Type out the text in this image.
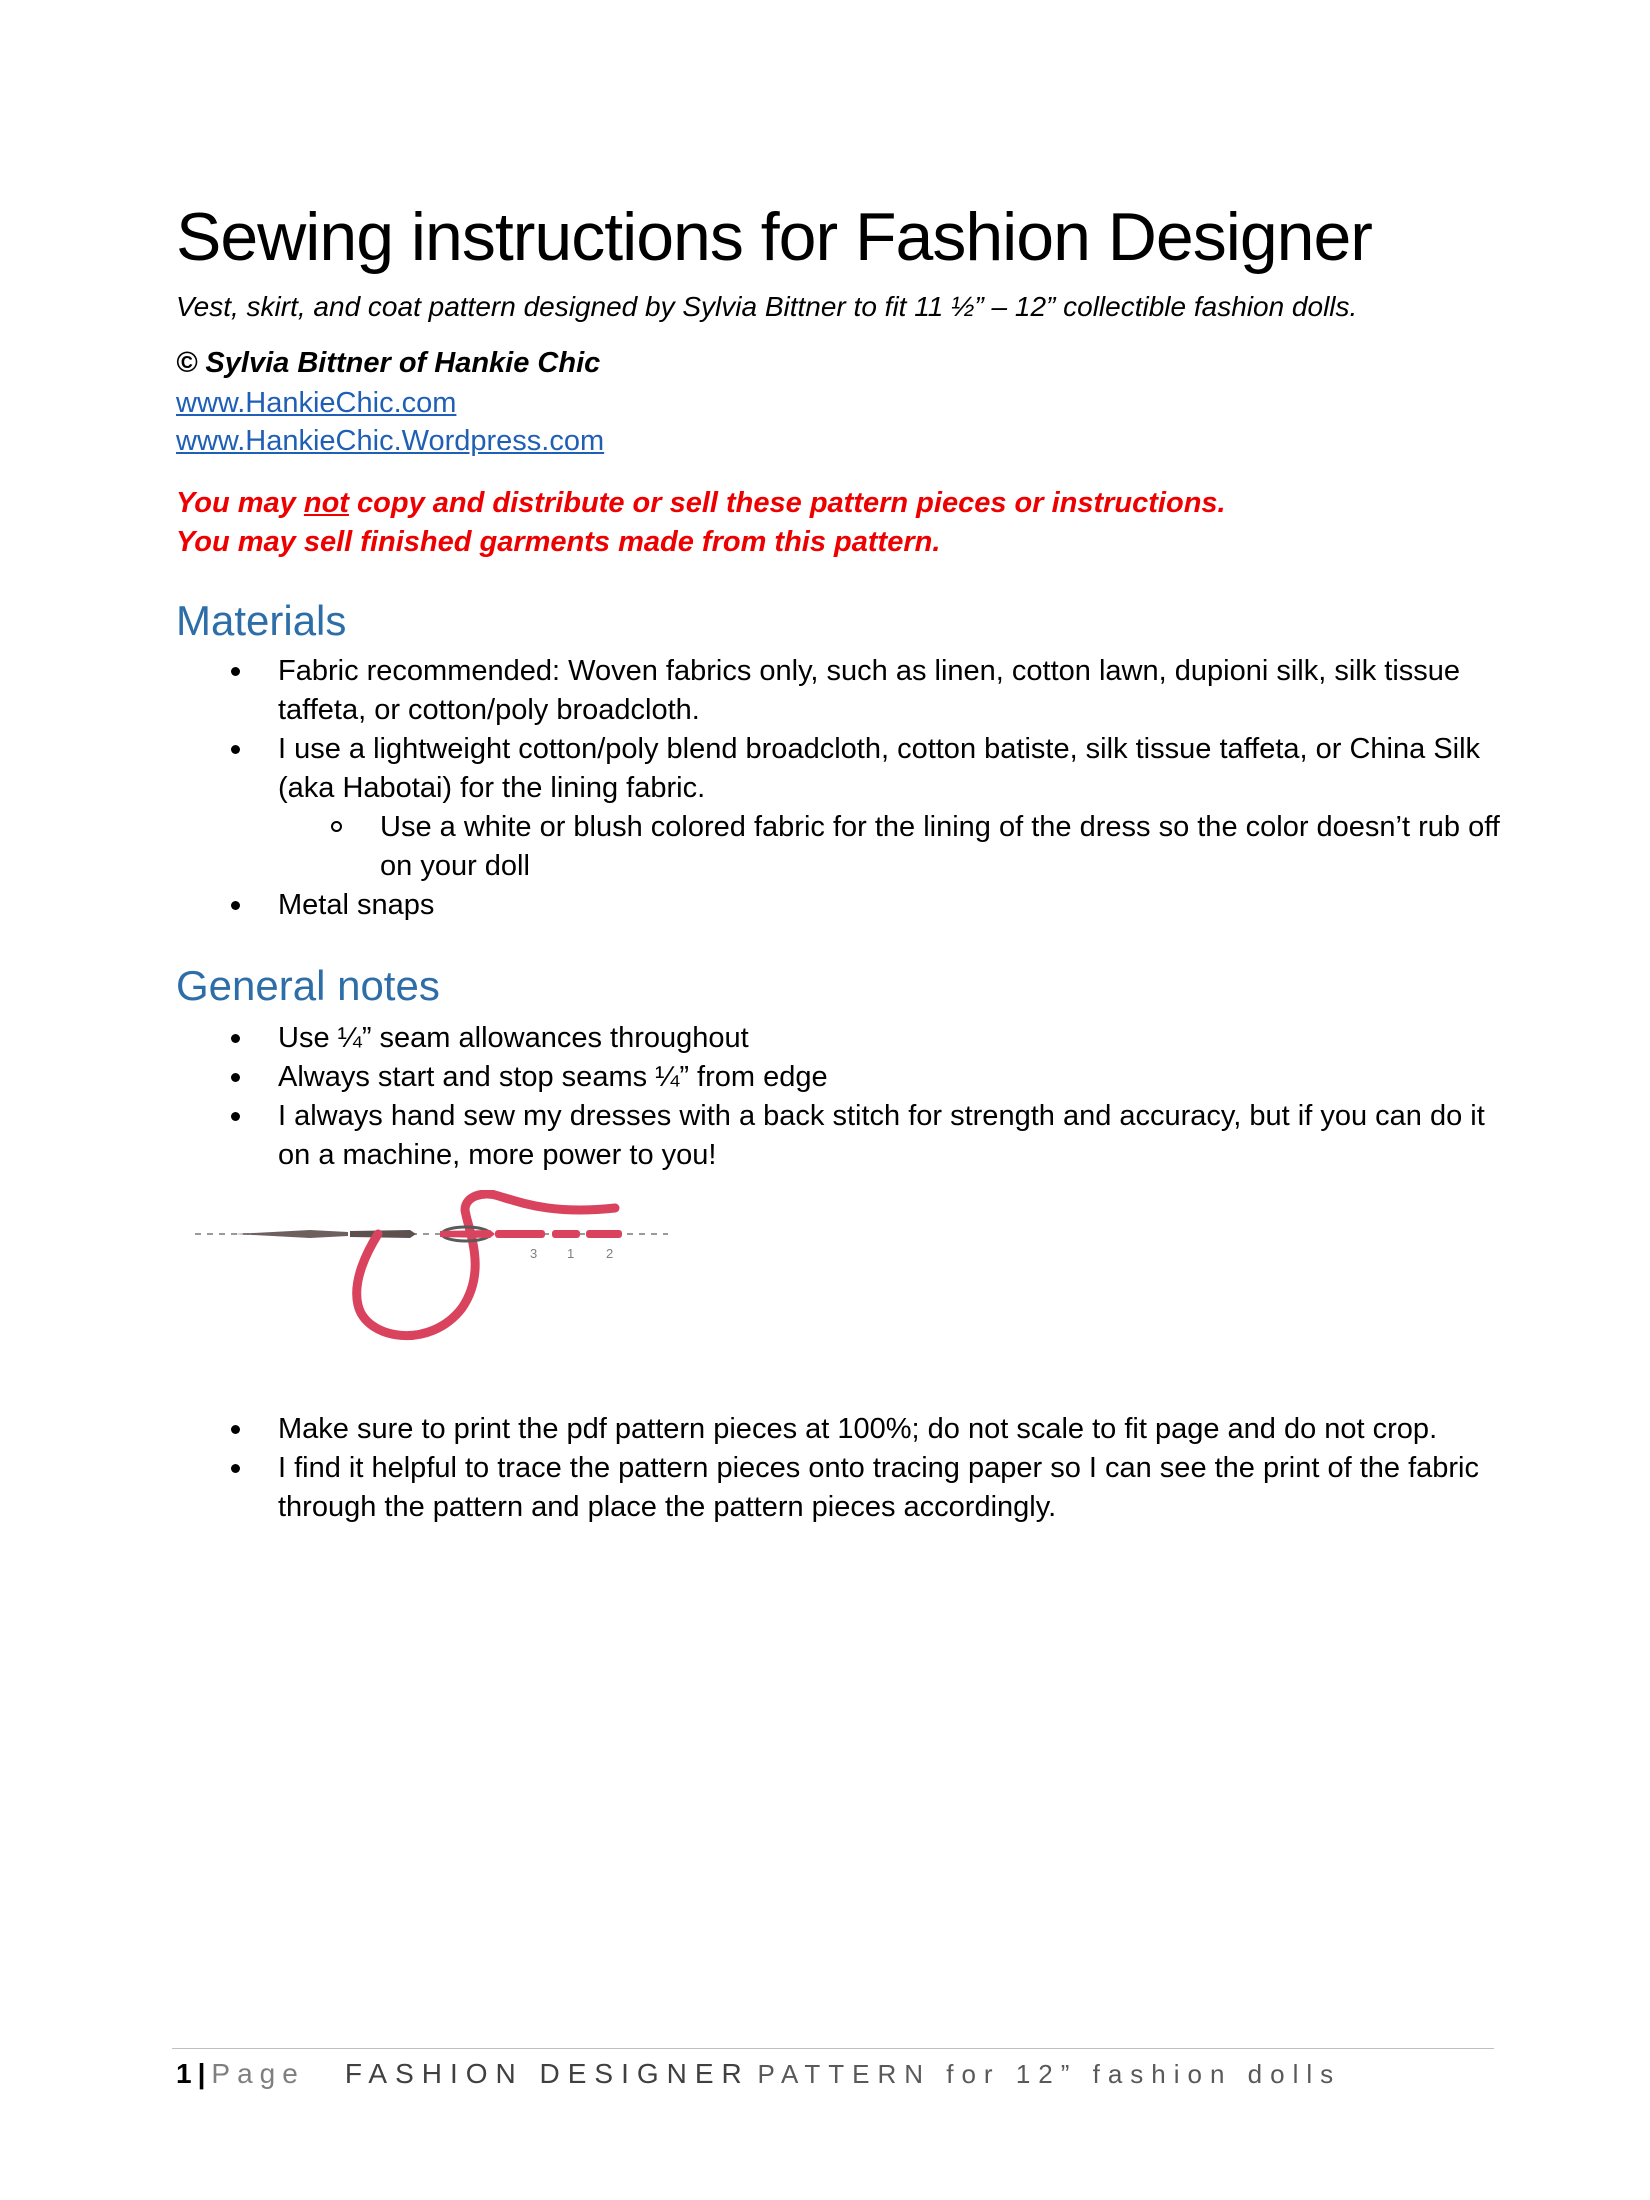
Sewing instructions for Fashion Designer

Vest, skirt, and coat pattern designed by Sylvia Bittner to fit 11 ½” – 12” collectible fashion dolls.

© Sylvia Bittner of Hankie Chic

www.HankieChic.com

www.HankieChic.Wordpress.com

You may not copy and distribute or sell these pattern pieces or instructions.

You may sell finished garments made from this pattern.

Materials
Fabric recommended: Woven fabrics only, such as linen, cotton lawn, dupioni silk, silk tissue taffeta, or cotton/poly broadcloth.
I use a lightweight cotton/poly blend broadcloth, cotton batiste, silk tissue taffeta, or China Silk (aka Habotai) for the lining fabric.
Use a white or blush colored fabric for the lining of the dress so the color doesn’t rub off on your doll
Metal snaps
General notes
Use ¼” seam allowances throughout
Always start and stop seams ¼” from edge
I always hand sew my dresses with a back stitch for strength and accuracy, but if you can do it on a machine, more power to you!
3 1 2
Make sure to print the pdf pattern pieces at 100%; do not scale to fit page and do not crop.
I find it helpful to trace the pattern pieces onto tracing paper so I can see the print of the fabric through the pattern and place the pattern pieces accordingly.

1 | Page FASHION DESIGNER PATTERN for 12” fashion dolls
